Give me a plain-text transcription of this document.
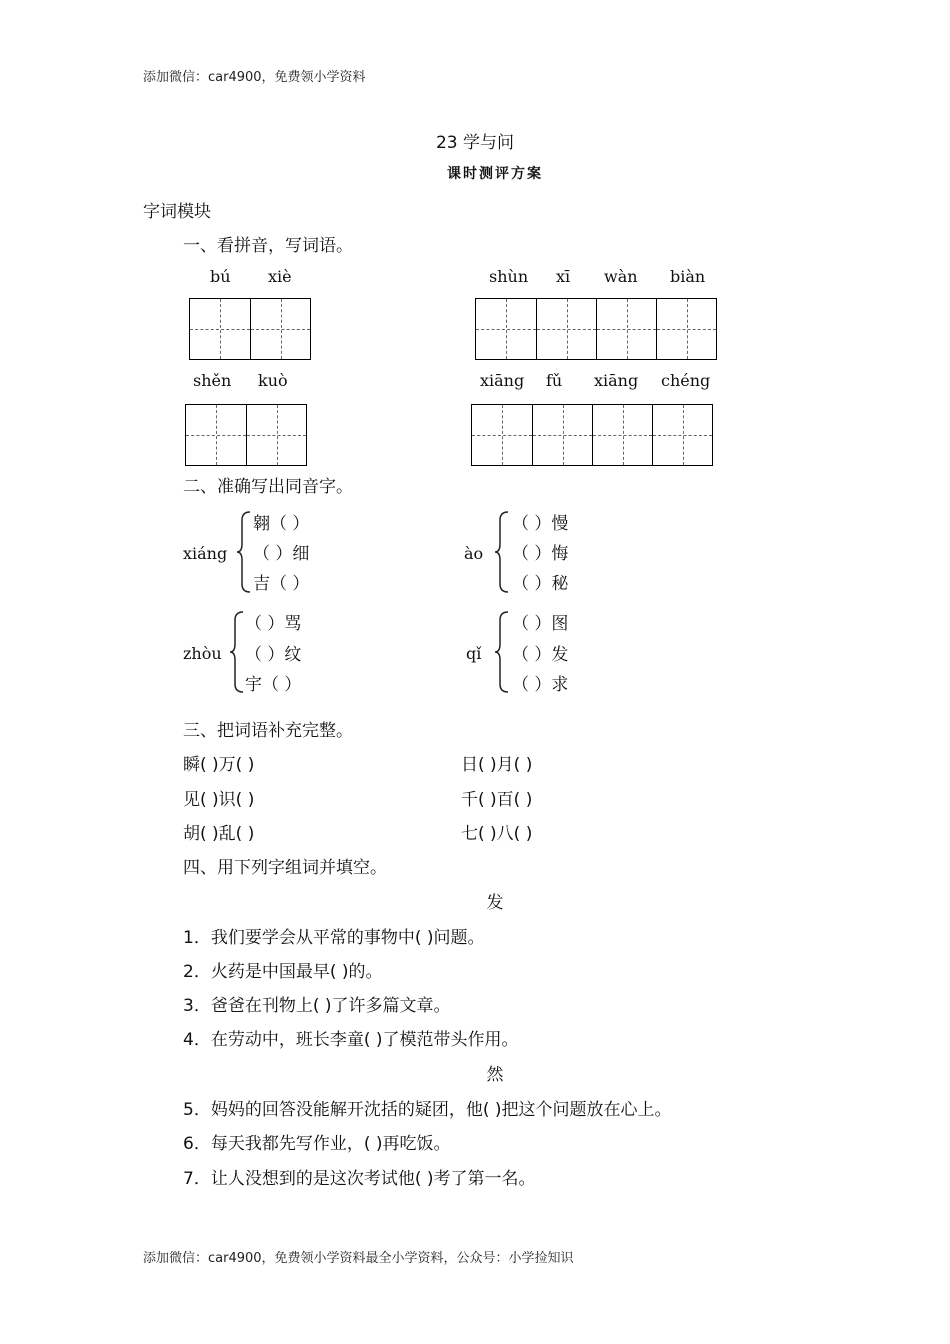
添加微信：car4900，免费领小学资料
添加微信：car4900，免费领小学资料最全小学资料，公众号：小学捡知识
23 学与问
课时测评方案
字词模块
一、看拼音，写词语。
bú xiè	shùn xī wàn biàn
shěn kuò	xiāng fǔ xiāng chéng
二、准确写出同音字。
xiáng
翱（ ）
（ ）细
吉（ ）
ào
（ ）慢
（ ）悔
（ ）秘
zhòu
（ ）骂
（ ）纹
宇（ ）
qǐ
（ ）图
（ ）发
（ ）求
三、把词语补充完整。
瞬( )万( )
见( )识( )
胡( )乱( )
日( )月( )
千( )百( )
七( )八( )
四、用下列字组词并填空。
发
1．我们要学会从平常的事物中( )问题。
2．火药是中国最早( )的。
3．爸爸在刊物上( )了许多篇文章。
4．在劳动中，班长李童( )了模范带头作用。
然
5．妈妈的回答没能解开沈括的疑团，他( )把这个问题放在心上。
6．每天我都先写作业，( )再吃饭。
7．让人没想到的是这次考试他( )考了第一名。
